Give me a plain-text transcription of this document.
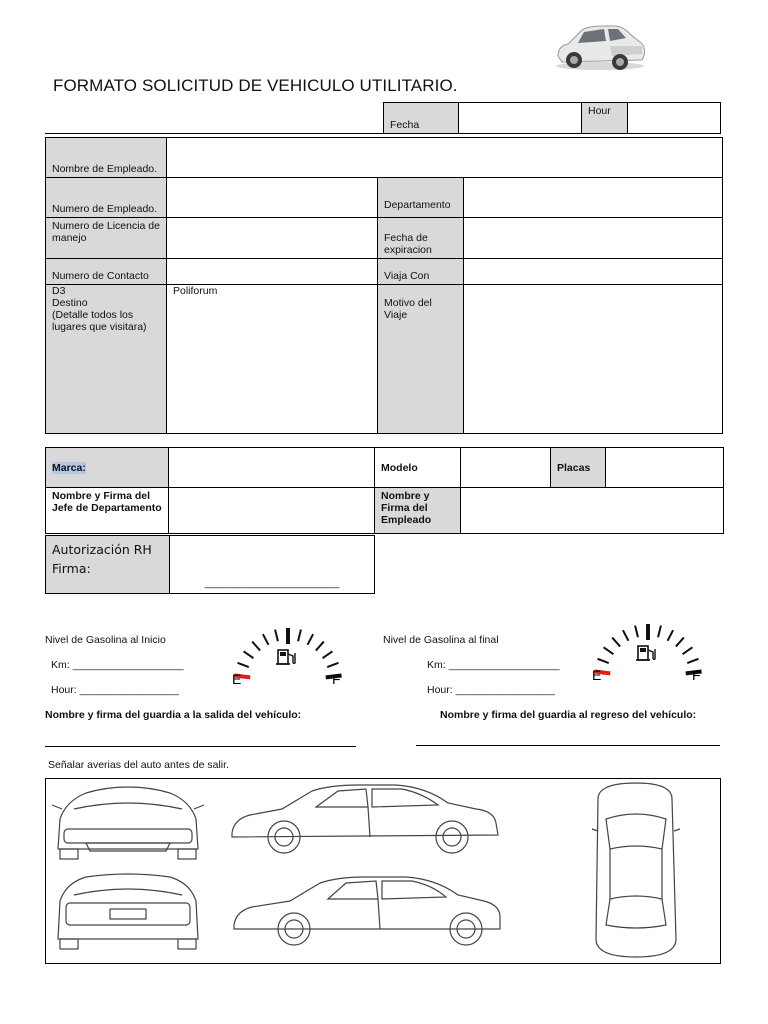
FORMATO SOLICITUD DE VEHICULO UTILITARIO.
Fecha		Hour	
Nombre de Empleado.			
Numero de Empleado.		Departamento	
Numero de Licencia de manejo		Fecha de expiracion	
Numero de Contacto		Viaja Con	
D3
Destino
(Detalle todos los lugares que visitara)	Poliforum	Motivo del Viaje	
Marca:		Modelo		Placas	
Nombre y Firma del Jefe de Departamento		Nombre y Firma del Empleado			
Autorización RH
Firma:	_______________________
Nivel de Gasolina al Inicio
Km: ___________________
Hour: _________________
E	F
Nivel de Gasolina al final
Km: ___________________
Hour: _________________
E	F
Nombre y firma del guardia a la salida del vehículo:	Nombre y firma del guardia al regreso del vehículo:
Señalar averias del auto antes de salir.
